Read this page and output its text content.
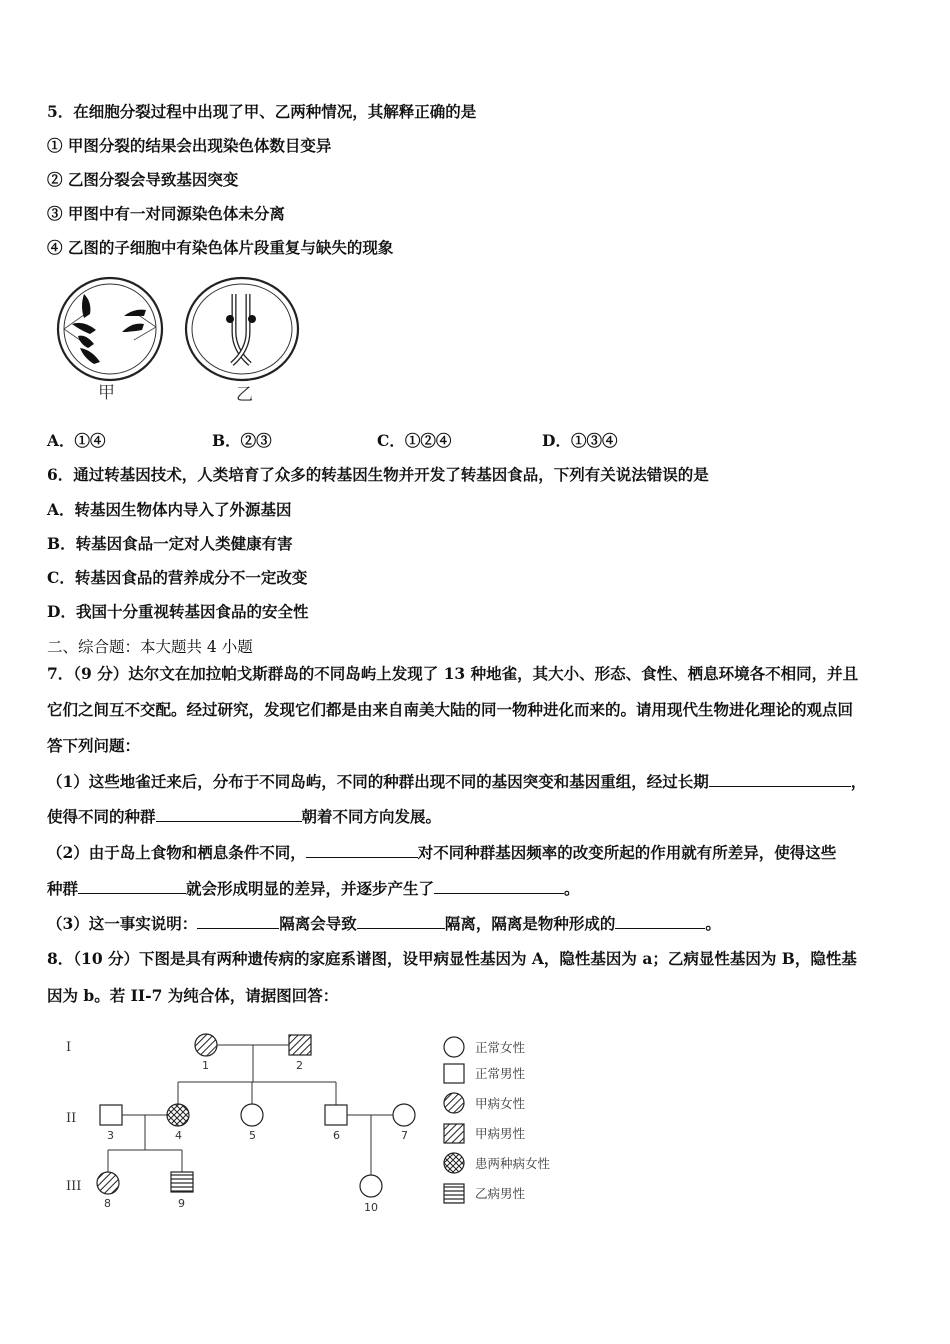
5．在细胞分裂过程中出现了甲、乙两种情况，其解释正确的是
① 甲图分裂的结果会出现染色体数目变异
② 乙图分裂会导致基因突变
③ 甲图中有一对同源染色体未分离
④ 乙图的子细胞中有染色体片段重复与缺失的现象
甲	乙
A．①④	B．②③	C．①②④	D．①③④
6．通过转基因技术，人类培育了众多的转基因生物并开发了转基因食品，下列有关说法错误的是
A．转基因生物体内导入了外源基因
B．转基因食品一定对人类健康有害
C．转基因食品的营养成分不一定改变
D．我国十分重视转基因食品的安全性
二、综合题：本大题共 4 小题
7．（9 分）达尔文在加拉帕戈斯群岛的不同岛屿上发现了 13 种地雀，其大小、形态、食性、栖息环境各不相同，并且
它们之间互不交配。经过研究，发现它们都是由来自南美大陆的同一物种进化而来的。请用现代生物进化理论的观点回
答下列问题：
（1）这些地雀迁来后，分布于不同岛屿，不同的种群出现不同的基因突变和基因重组，经过长期	，
使得不同的种群	朝着不同方向发展。
（2）由于岛上食物和栖息条件不同，	对不同种群基因频率的改变所起的作用就有所差异，使得这些
种群	就会形成明显的差异，并逐步产生了	。
（3）这一事实说明：	隔离会导致	隔离，隔离是物种形成的	。
8．（10 分）下图是具有两种遗传病的家庭系谱图，设甲病显性基因为 A，隐性基因为 a；乙病显性基因为 B，隐性基
因为 b。若 II-7 为纯合体，请据图回答：
I
II
III
1	2
3	4	5	6	7
8	9	10
正常女性
正常男性
甲病女性
甲病男性
患两种病女性
乙病男性
